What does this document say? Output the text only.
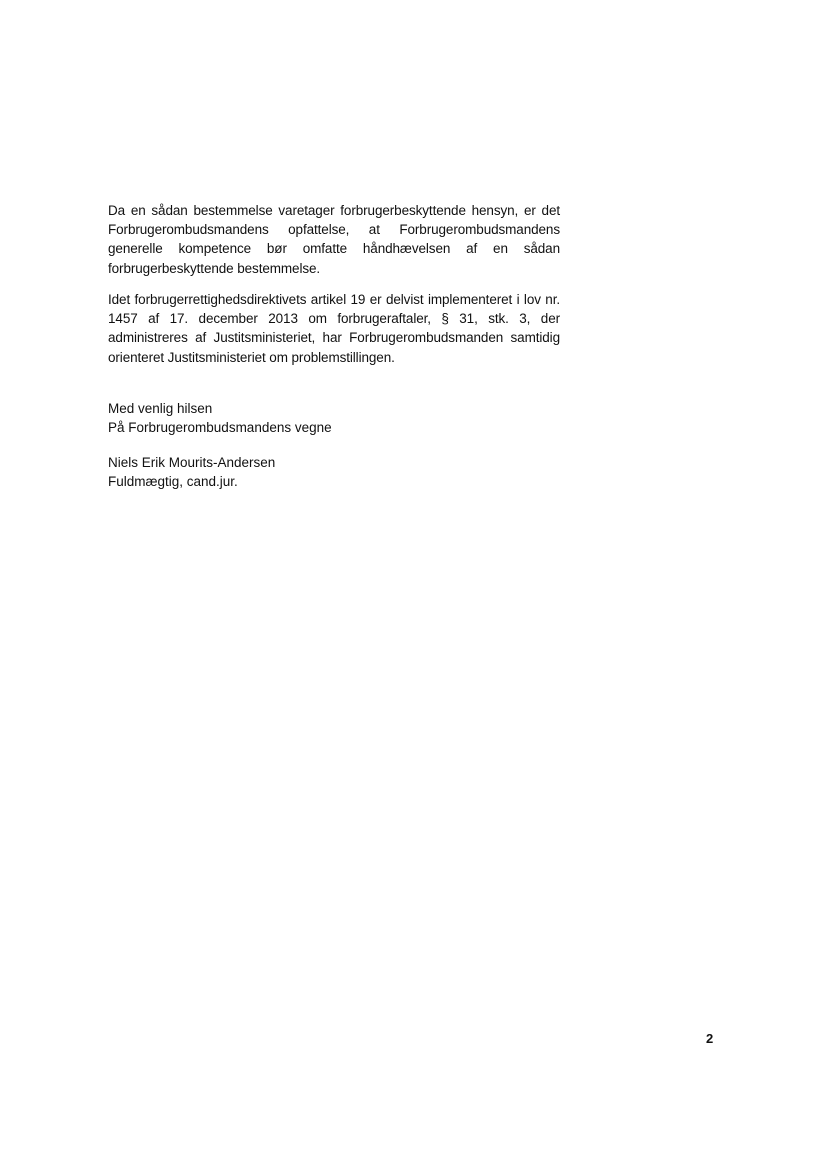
Da en sådan bestemmelse varetager forbrugerbeskyttende hensyn, er det Forbrugerombudsmandens opfattelse, at Forbrugerombudsmandens generelle kompetence bør omfatte håndhævelsen af en sådan forbrugerbeskyttende bestemmelse.

Idet forbrugerrettighedsdirektivets artikel 19 er delvist implementeret i lov nr. 1457 af 17. december 2013 om forbrugeraftaler, § 31, stk. 3, der administreres af Justitsministeriet, har Forbrugerombudsmanden samtidig orienteret Justitsministeriet om problemstillingen.

Med venlig hilsen
På Forbrugerombudsmandens vegne
Niels Erik Mourits-Andersen
Fuldmægtig, cand.jur.
2
